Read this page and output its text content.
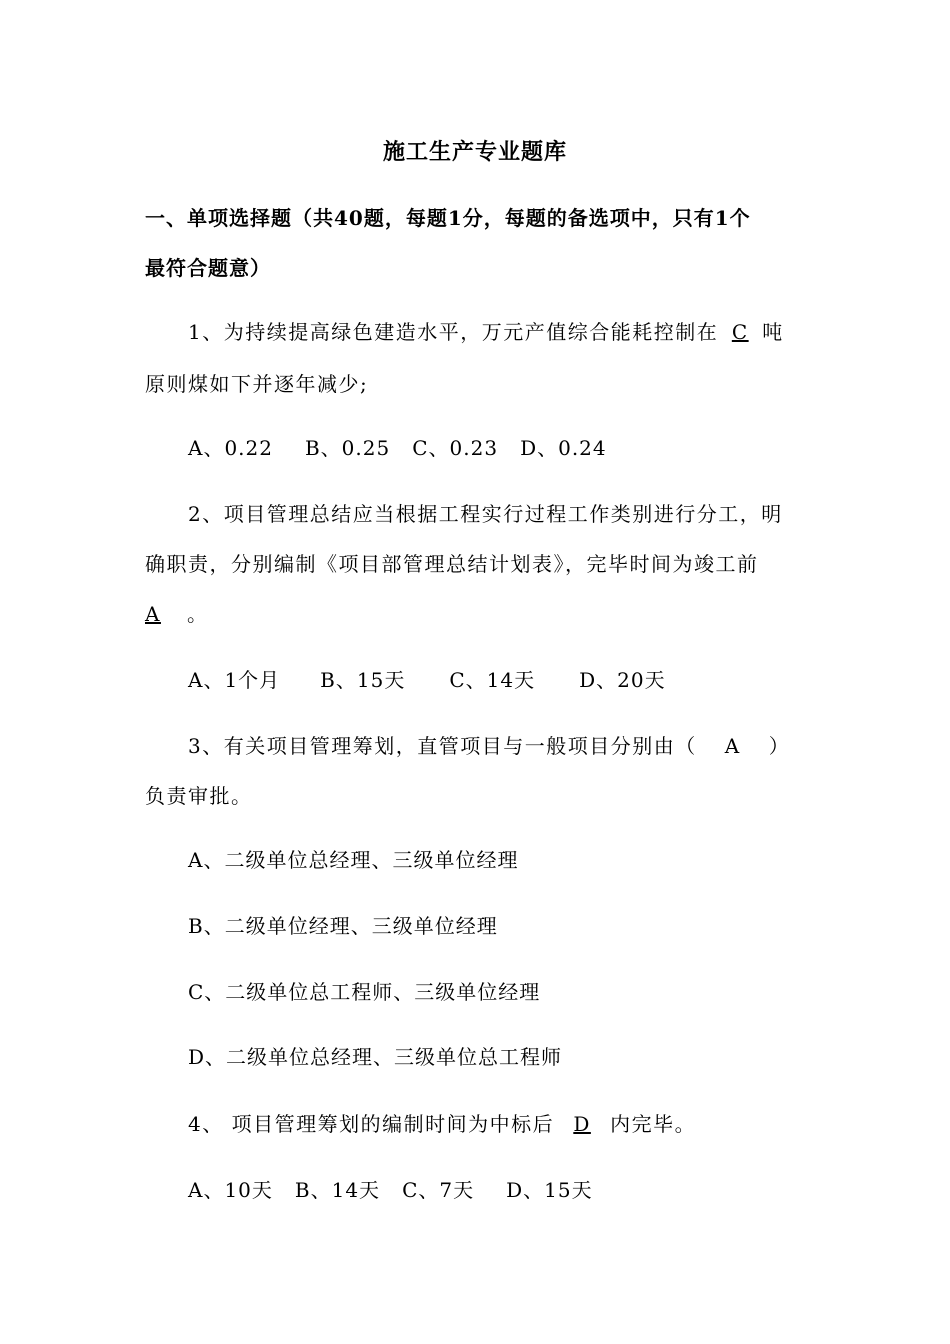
施工生产专业题库
一、单项选择题（共40题，每题1分，每题的备选项中，只有1个
最符合题意）
1、为持续提高绿色建造水平，万元产值综合能耗控制在 C 吨
原则煤如下并逐年减少;
A、0.22 B、0.25 C、0.23 D、0.24
2、项目管理总结应当根据工程实行过程工作类别进行分工，明
确职责，分别编制《项目部管理总结计划表》，完毕时间为竣工前
A 。
A、1个月 B、15天 C、14天 D、20天
3、有关项目管理筹划，直管项目与一般项目分别由（ A ）
负责审批。
A、二级单位总经理、三级单位经理
B、二级单位经理、三级单位经理
C、二级单位总工程师、三级单位经理
D、二级单位总经理、三级单位总工程师
4、 项目管理筹划的编制时间为中标后 D 内完毕。
A、10天 B、14天 C、7天 D、15天
